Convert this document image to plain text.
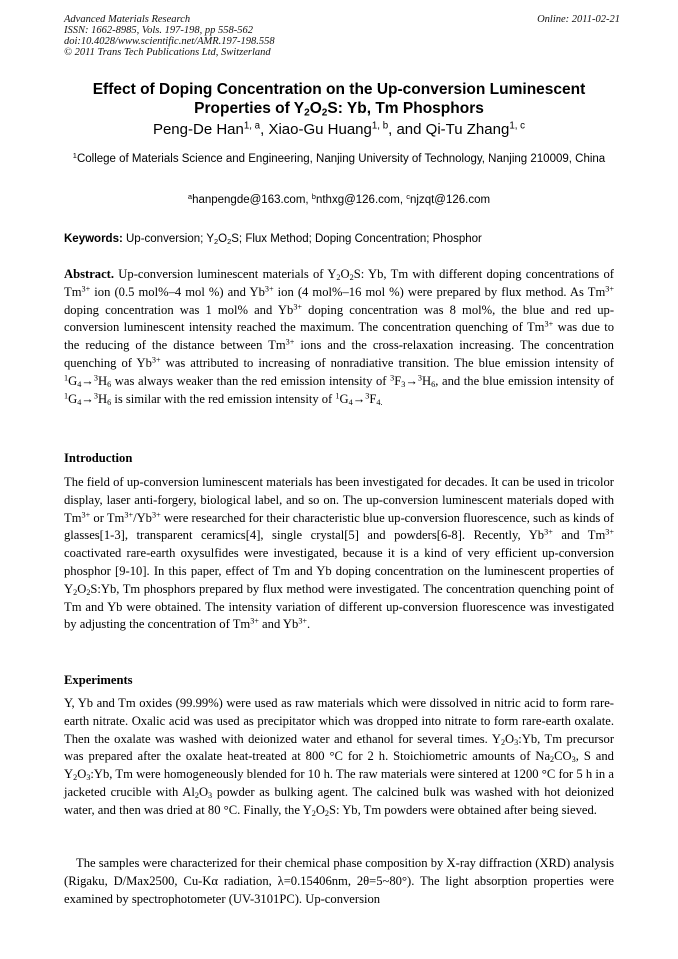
Advanced Materials Research
ISSN: 1662-8985, Vols. 197-198, pp 558-562
doi:10.4028/www.scientific.net/AMR.197-198.558
© 2011 Trans Tech Publications Ltd, Switzerland
Online: 2011-02-21
Effect of Doping Concentration on the Up-conversion Luminescent
Properties of $Y_2O_2S$: Yb, Tm Phosphors
Peng-De Han$^{1, a}$, Xiao-Gu Huang$^{1, b}$, and Qi-Tu Zhang$^{1, c}$
$^1$College of Materials Science and Engineering, Nanjing University of Technology, Nanjing 210009, China
$^a$hanpengde@163.com, $^b$nthxg@126.com, $^c$njzqt@126.com
Keywords: Up-conversion; $Y_2O_2S$; Flux Method; Doping Concentration; Phosphor

Abstract. Up-conversion luminescent materials of $Y_2O_2S$: Yb, Tm with different doping concentrations of $Tm^{3+}$ ion (0.5 mol%–4 mol %) and $Yb^{3+}$ ion (4 mol%–16 mol %) were prepared by flux method. As $Tm^{3+}$ doping concentration was 1 mol% and $Yb^{3+}$ doping concentration was 8 mol%, the blue and red up-conversion luminescent intensity reached the maximum. The concentration quenching of $Tm^{3+}$ was due to the reducing of the distance between $Tm^{3+}$ ions and the cross-relaxation increasing. The concentration quenching of $Yb^{3+}$ was attributed to increasing of nonradiative transition. The blue emission intensity of $^1G_4\to^3H_6$ was always weaker than the red emission intensity of $^3F_3\to^3H_6$, and the blue emission intensity of $^1G_4\to^3H_6$ is similar with the red emission intensity of $^1G_4\to^3F_{4.}$

Introduction

The field of up-conversion luminescent materials has been investigated for decades. It can be used in tricolor display, laser anti-forgery, biological label, and so on. The up-conversion luminescent materials doped with $Tm^{3+}$ or $Tm^{3+}/Yb^{3+}$ were researched for their characteristic blue up-conversion fluorescence, such as kinds of glasses[1-3], transparent ceramics[4], single crystal[5] and powders[6-8]. Recently, $Yb^{3+}$ and $Tm^{3+}$ coactivated rare-earth oxysulfides were investigated, because it is a kind of very efficient up-conversion phosphor [9-10]. In this paper, effect of Tm and Yb doping concentration on the luminescent properties of $Y_2O_2S:Yb$, Tm phosphors prepared by flux method were investigated. The concentration quenching point of Tm and Yb were obtained. The intensity variation of different up-conversion fluorescence was investigated by adjusting the concentration of $Tm^{3+}$ and $Yb^{3+}$.

Experiments

Y, Yb and Tm oxides (99.99%) were used as raw materials which were dissolved in nitric acid to form rare-earth nitrate. Oxalic acid was used as precipitator which was dropped into nitrate to form rare-earth oxalate. Then the oxalate was washed with deionized water and ethanol for several times. $Y_2O_3:Yb$, Tm precursor was prepared after the oxalate heat-treated at 800 °C for 2 h. Stoichiometric amounts of $Na_2CO_3$, S and $Y_2O_3:Yb$, Tm were homogeneously blended for 10 h. The raw materials were sintered at 1200 °C for 5 h in a jacketed crucible with $Al_2O_3$ powder as bulking agent. The calcined bulk was washed with hot deionized water, and then was dried at 80 °C. Finally, the $Y_2O_2S$: Yb, Tm powders were obtained after being sieved.

The samples were characterized for their chemical phase composition by X-ray diffraction (XRD) analysis (Rigaku, D/Max2500, Cu-Kα radiation, λ=0.15406nm, 2θ=5~80°). The light absorption properties were examined by spectrophotometer (UV-3101PC). Up-conversion
